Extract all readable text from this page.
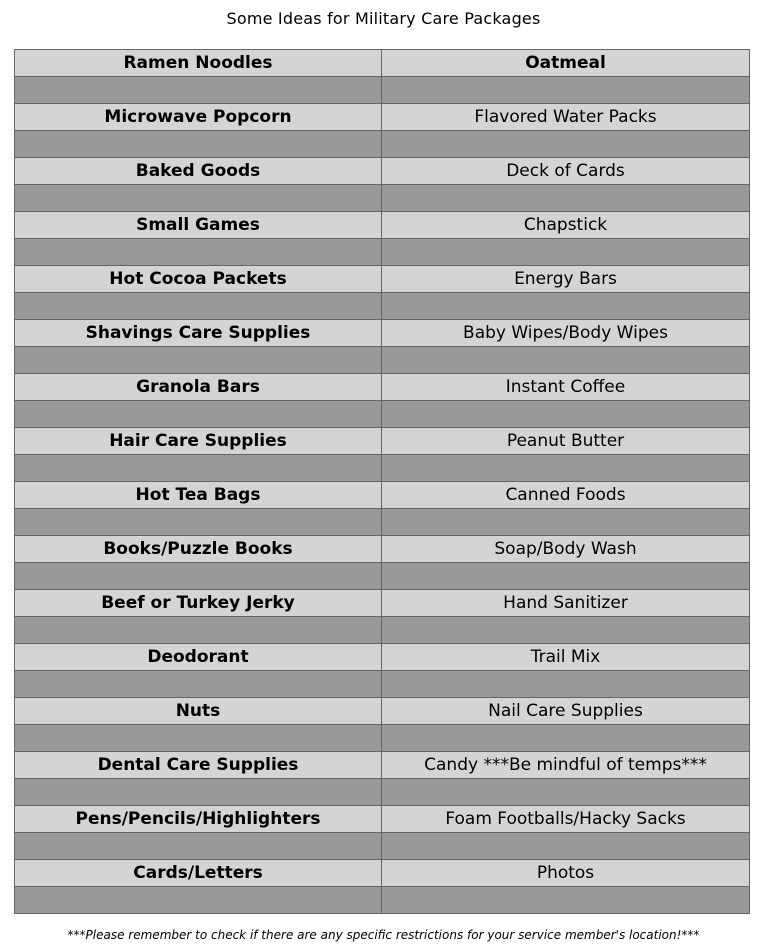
Some Ideas for Military Care Packages
Ramen Noodles	Oatmeal

Microwave Popcorn	Flavored Water Packs

Baked Goods	Deck of Cards

Small Games	Chapstick

Hot Cocoa Packets	Energy Bars

Shavings Care Supplies	Baby Wipes/Body Wipes

Granola Bars	Instant Coffee

Hair Care Supplies	Peanut Butter

Hot Tea Bags	Canned Foods

Books/Puzzle Books	Soap/Body Wash

Beef or Turkey Jerky	Hand Sanitizer

Deodorant	Trail Mix

Nuts	Nail Care Supplies

Dental Care Supplies	Candy ***Be mindful of temps***

Pens/Pencils/Highlighters	Foam Footballs/Hacky Sacks

Cards/Letters	Photos

***Please remember to check if there are any specific restrictions for your service member's location!***
